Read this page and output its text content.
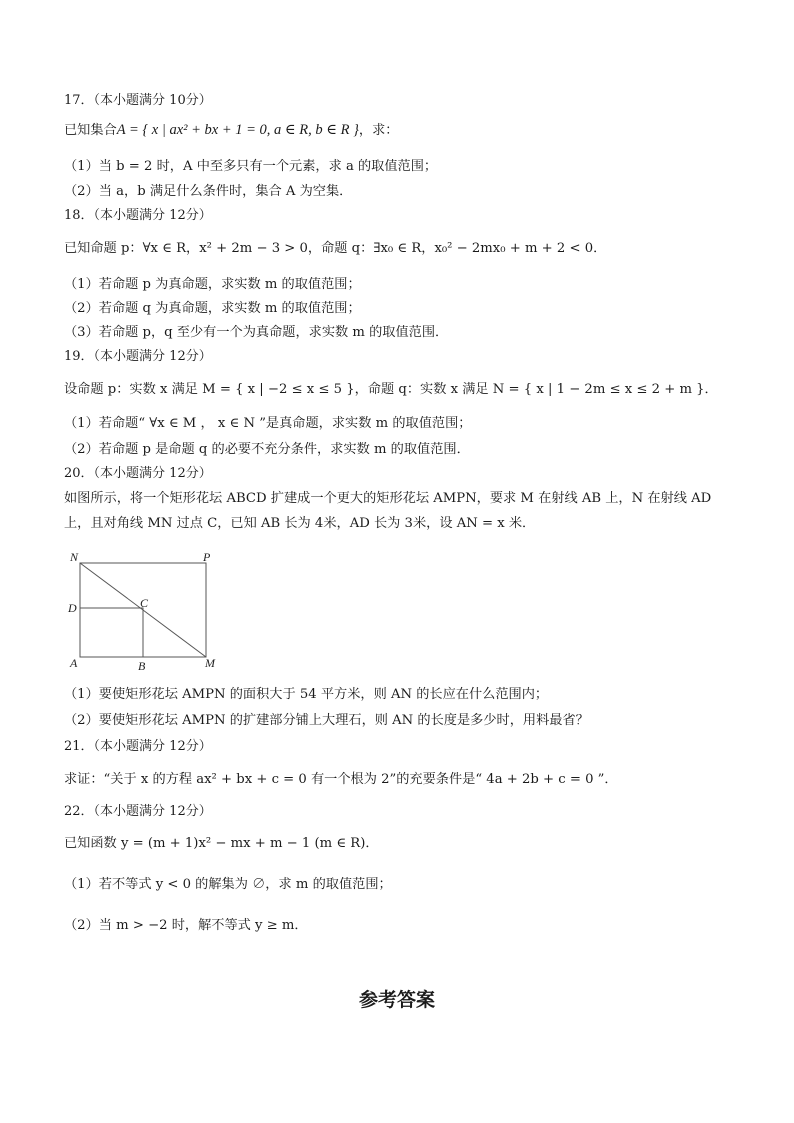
17．（本小题满分 10分）
已知集合A = { x | ax² + bx + 1 = 0, a ∈ R, b ∈ R }，求：
（1）当 b = 2 时，A 中至多只有一个元素，求 a 的取值范围；
（2）当 a，b 满足什么条件时，集合 A 为空集．
18．（本小题满分 12分）
已知命题 p：∀x ∈ R，x² + 2m − 3 > 0，命题 q：∃x₀ ∈ R，x₀² − 2mx₀ + m + 2 < 0．
（1）若命题 p 为真命题，求实数 m 的取值范围；
（2）若命题 q 为真命题，求实数 m 的取值范围；
（3）若命题 p，q 至少有一个为真命题，求实数 m 的取值范围．
19．（本小题满分 12分）
设命题 p：实数 x 满足 M = { x | −2 ≤ x ≤ 5 }，命题 q：实数 x 满足 N = { x | 1 − 2m ≤ x ≤ 2 + m }．
（1）若命题“ ∀x ∈ M ， x ∈ N ”是真命题，求实数 m 的取值范围；
（2）若命题 p 是命题 q 的必要不充分条件，求实数 m 的取值范围．
20．（本小题满分 12分）
如图所示，将一个矩形花坛 ABCD 扩建成一个更大的矩形花坛 AMPN，要求 M 在射线 AB 上，N 在射线 AD
上，且对角线 MN 过点 C，已知 AB 长为 4米，AD 长为 3米，设 AN = x 米．
N	P
D	C
A	B	M
（1）要使矩形花坛 AMPN 的面积大于 54 平方米，则 AN 的长应在什么范围内；
（2）要使矩形花坛 AMPN 的扩建部分铺上大理石，则 AN 的长度是多少时，用料最省？
21．（本小题满分 12分）
求证：“关于 x 的方程 ax² + bx + c = 0 有一个根为 2”的充要条件是“ 4a + 2b + c = 0 ”．
22．（本小题满分 12分）
已知函数 y = (m + 1)x² − mx + m − 1 (m ∈ R)．
（1）若不等式 y < 0 的解集为 ∅，求 m 的取值范围；
（2）当 m > −2 时，解不等式 y ≥ m．
参考答案
